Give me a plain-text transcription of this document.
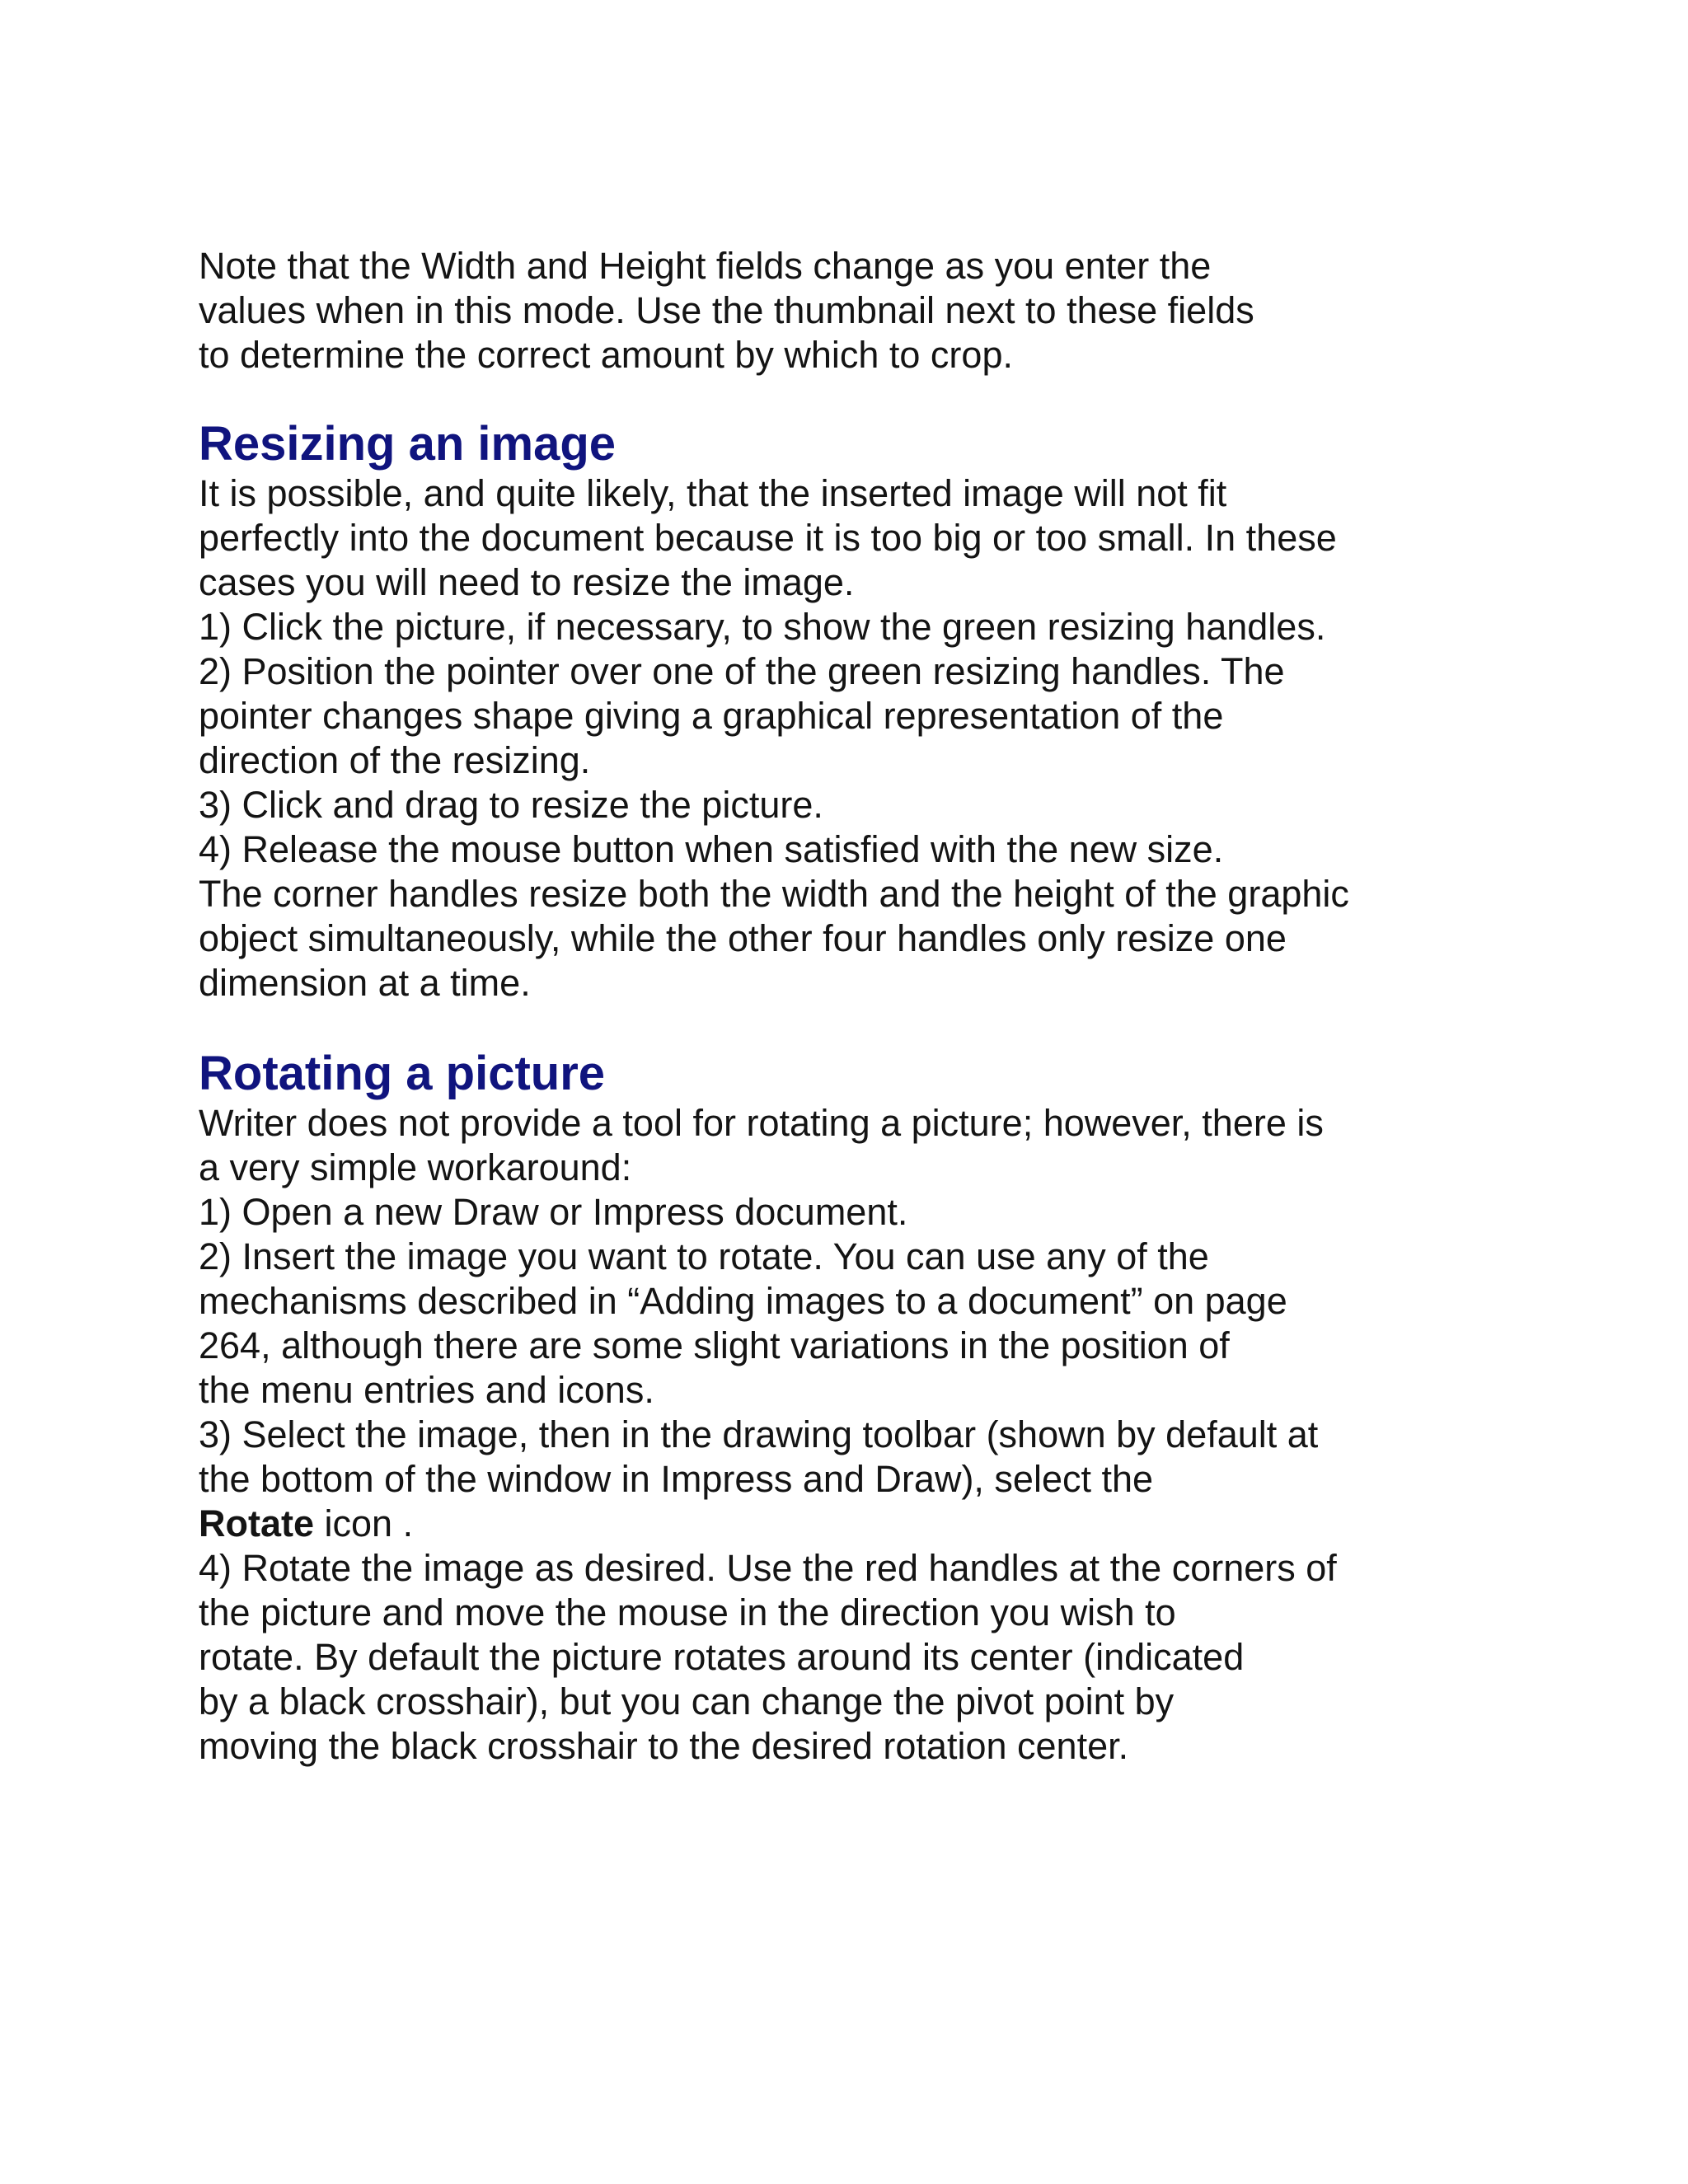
Note that the Width and Height fields change as you enter the
values when in this mode. Use the thumbnail next to these fields
to determine the correct amount by which to crop.
Resizing an image
It is possible, and quite likely, that the inserted image will not fit
perfectly into the document because it is too big or too small. In these
cases you will need to resize the image.
1) Click the picture, if necessary, to show the green resizing handles.
2) Position the pointer over one of the green resizing handles. The
pointer changes shape giving a graphical representation of the
direction of the resizing.
3) Click and drag to resize the picture.
4) Release the mouse button when satisfied with the new size.
The corner handles resize both the width and the height of the graphic
object simultaneously, while the other four handles only resize one
dimension at a time.
Rotating a picture
Writer does not provide a tool for rotating a picture; however, there is
a very simple workaround:
1) Open a new Draw or Impress document.
2) Insert the image you want to rotate. You can use any of the
mechanisms described in “Adding images to a document” on page
264, although there are some slight variations in the position of
the menu entries and icons.
3) Select the image, then in the drawing toolbar (shown by default at
the bottom of the window in Impress and Draw), select the
Rotate icon .
4) Rotate the image as desired. Use the red handles at the corners of
the picture and move the mouse in the direction you wish to
rotate. By default the picture rotates around its center (indicated
by a black crosshair), but you can change the pivot point by
moving the black crosshair to the desired rotation center.
